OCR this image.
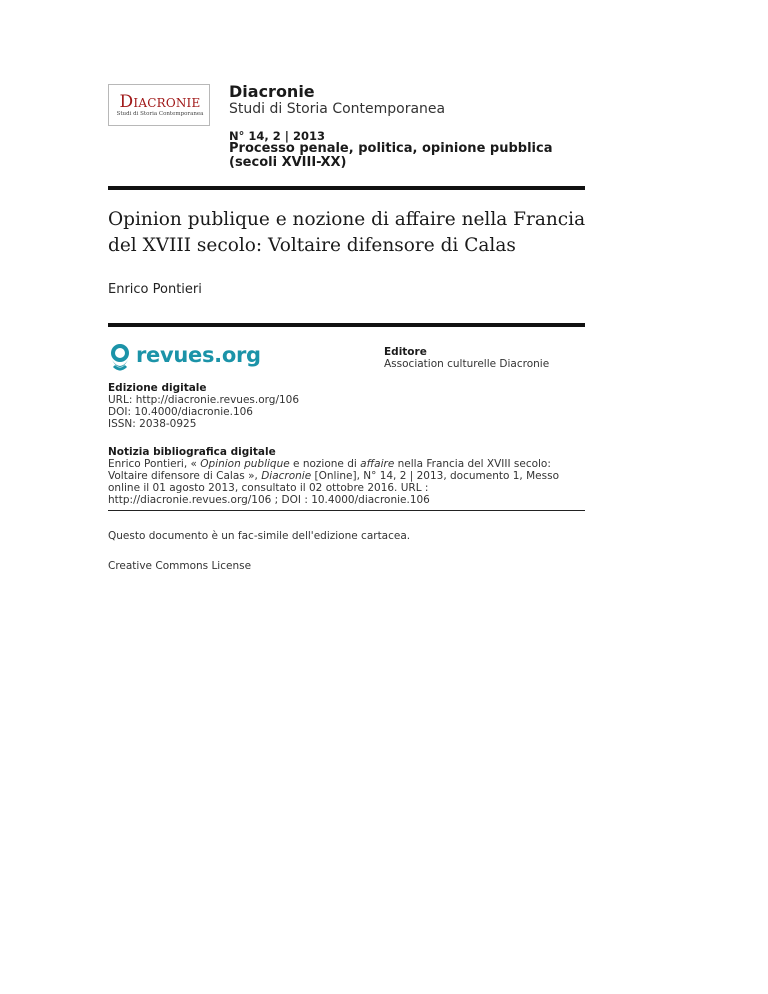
DIACRONIE
Studi di Storia Contemporanea
Diacronie
Studi di Storia Contemporanea
N° 14, 2 | 2013
Processo penale, politica, opinione pubblica (secoli XVIII-XX)
Opinion publique e nozione di affaire nella Francia
del XVIII secolo: Voltaire difensore di Calas
Enrico Pontieri
revues.org	Editore
Association culturelle Diacronie
Edizione digitale
URL: http://diacronie.revues.org/106
DOI: 10.4000/diacronie.106
ISSN: 2038-0925
Notizia bibliografica digitale
Enrico Pontieri, « Opinion publique e nozione di affaire nella Francia del XVIII secolo: Voltaire difensore di Calas », Diacronie [Online], N° 14, 2 | 2013, documento 1, Messo online il 01 agosto 2013, consultato il 02 ottobre 2016. URL : http://diacronie.revues.org/106 ; DOI : 10.4000/diacronie.106
Questo documento è un fac-simile dell'edizione cartacea.
Creative Commons License
